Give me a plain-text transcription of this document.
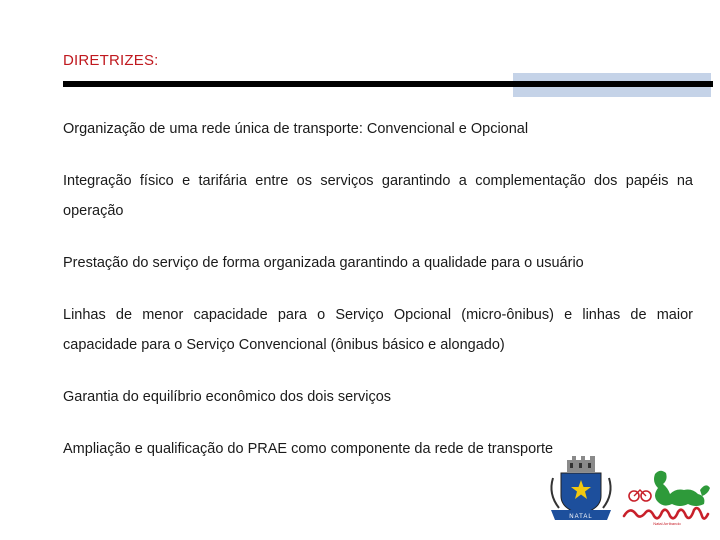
DIRETRIZES:

Organização de uma rede única de transporte: Convencional e Opcional

Integração físico e tarifária entre os serviços garantindo a complementação dos papéis na operação

Prestação do serviço de forma organizada garantindo a qualidade para o usuário

Linhas de menor capacidade para o Serviço Opcional (micro-ônibus) e linhas de maior capacidade para o Serviço Convencional (ônibus básico e alongado)

Garantia do equilíbrio econômico dos dois serviços

Ampliação e qualificação do PRAE como componente da rede de transporte

NATAL
Natal Arribando
